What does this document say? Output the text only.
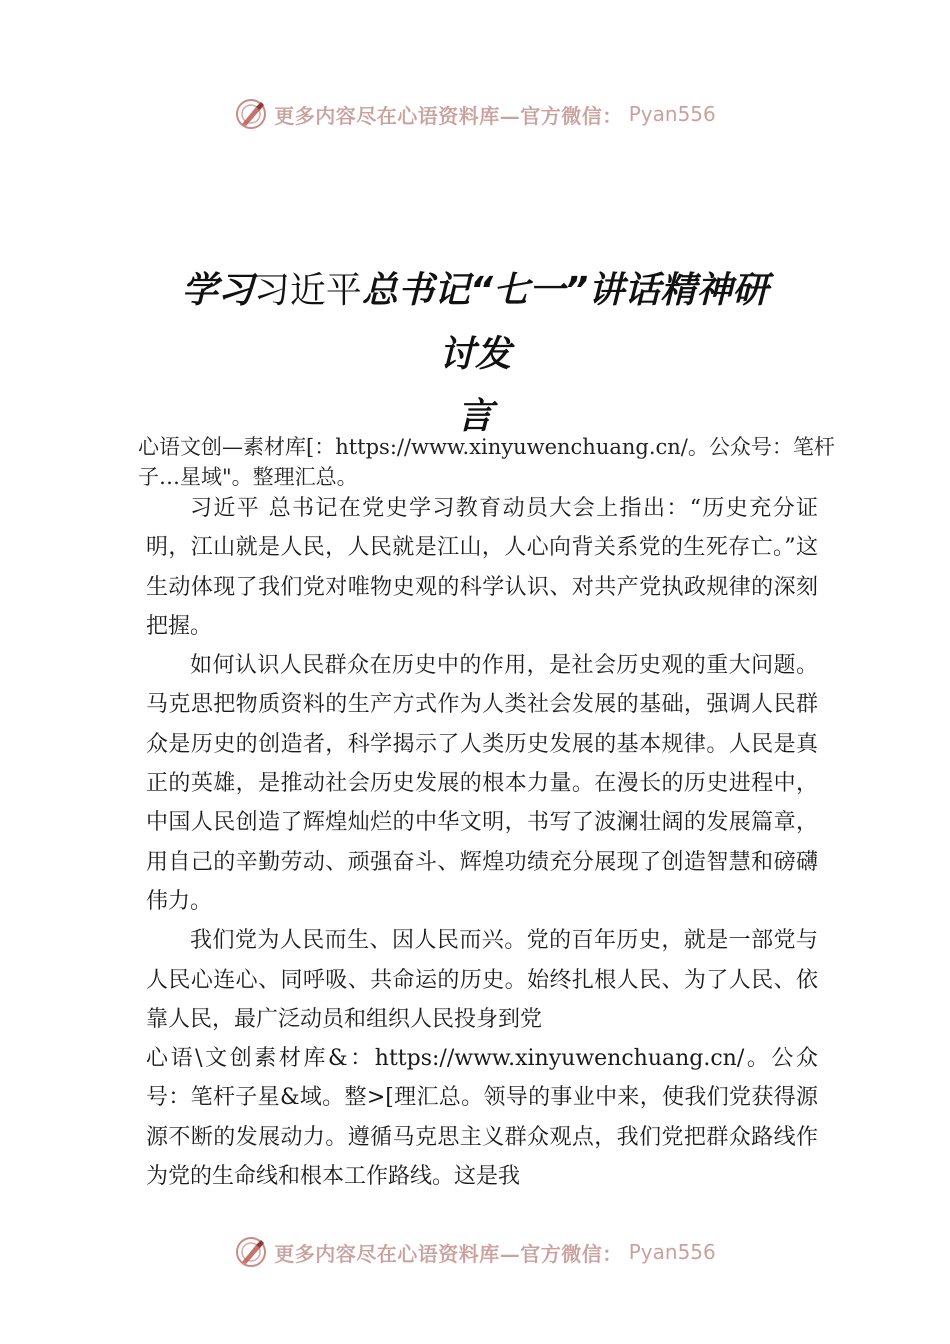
更多内容尽在心语资料库—官方微信： Pyan556
学习习近平总书记“七一”讲话精神研
讨发
言
心语文创—素材库[：https://www.xinyuwenchuang.cn/。公众号：笔杆子…星域"。整理汇总。

习近平 总书记在党史学习教育动员大会上指出：“历史充分证明，江山就是人民，人民就是江山，人心向背关系党的生死存亡。”这生动体现了我们党对唯物史观的科学认识、对共产党执政规律的深刻把握。

如何认识人民群众在历史中的作用，是社会历史观的重大问题。马克思把物质资料的生产方式作为人类社会发展的基础，强调人民群众是历史的创造者，科学揭示了人类历史发展的基本规律。人民是真正的英雄，是推动社会历史发展的根本力量。在漫长的历史进程中，中国人民创造了辉煌灿烂的中华文明，书写了波澜壮阔的发展篇章，用自己的辛勤劳动、顽强奋斗、辉煌功绩充分展现了创造智慧和磅礴伟力。

我们党为人民而生、因人民而兴。党的百年历史，就是一部党与人民心连心、同呼吸、共命运的历史。始终扎根人民、为了人民、依靠人民，最广泛动员和组织人民投身到党

心语\文创素材库&：https://www.xinyuwenchuang.cn/。公众号：笔杆子星&域。整>[理汇总。领导的事业中来，使我们党获得源源不断的发展动力。遵循马克思主义群众观点，我们党把群众路线作为党的生命线和根本工作路线。这是我

更多内容尽在心语资料库—官方微信： Pyan556
